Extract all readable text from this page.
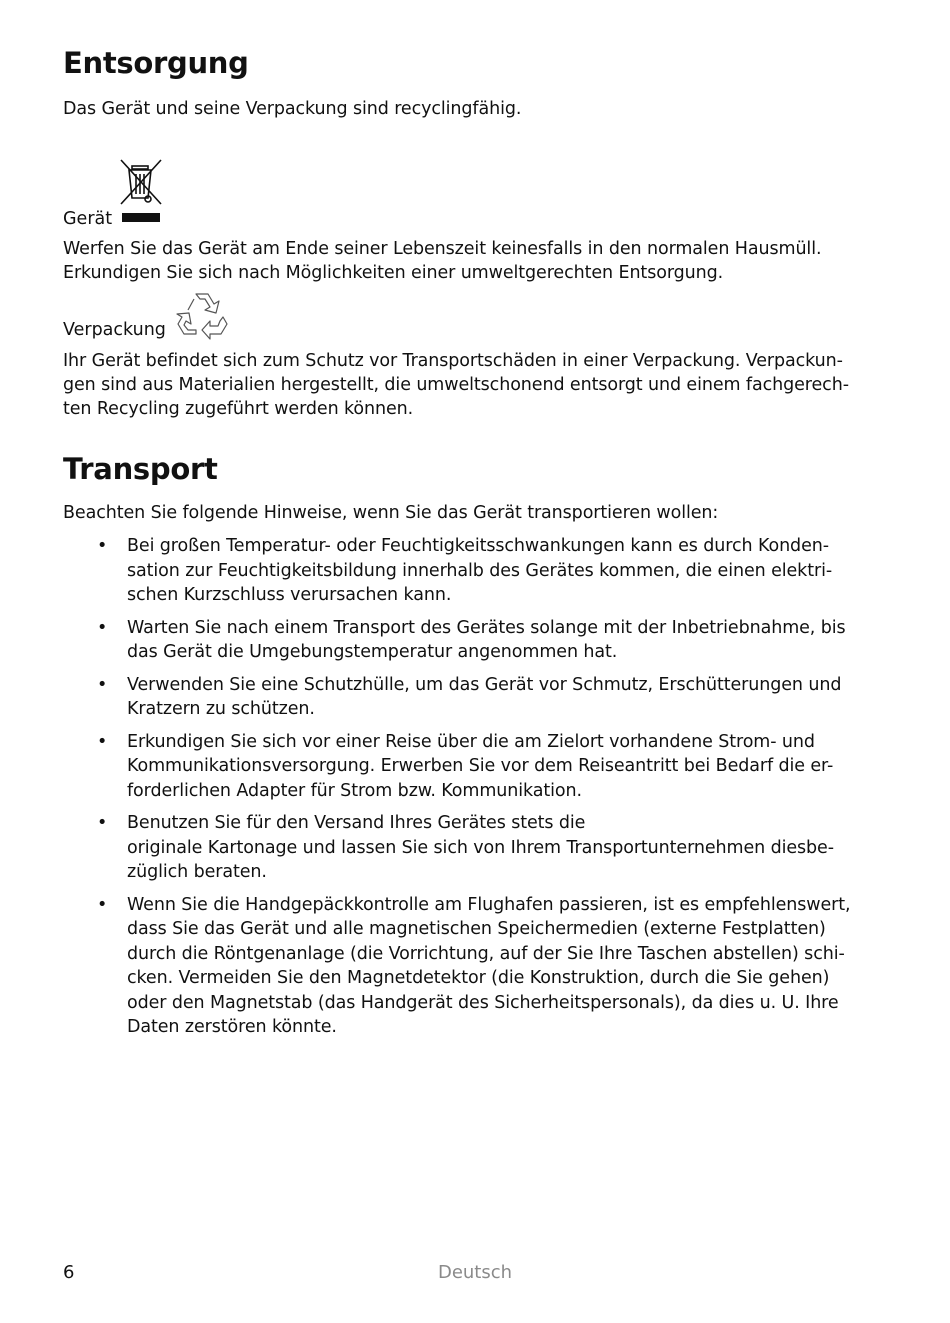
Entsorgung

Das Gerät und seine Verpackung sind recyclingfähig.

Gerät

Werfen Sie das Gerät am Ende seiner Lebenszeit keinesfalls in den normalen Hausmüll.

Erkundigen Sie sich nach Möglichkeiten einer umweltgerechten Entsorgung.

Verpackung

Ihr Gerät befindet sich zum Schutz vor Transportschäden in einer Verpackung. Verpackun-

gen sind aus Materialien hergestellt, die umweltschonend entsorgt und einem fachgerech-

ten Recycling zugeführt werden können.

Transport

Beachten Sie folgende Hinweise, wenn Sie das Gerät transportieren wollen:

• Bei großen Temperatur- oder Feuchtigkeitsschwankungen kann es durch Konden-
sation zur Feuchtigkeitsbildung innerhalb des Gerätes kommen, die einen elektri-
schen Kurzschluss verursachen kann.
• Warten Sie nach einem Transport des Gerätes solange mit der Inbetriebnahme, bis
das Gerät die Umgebungstemperatur angenommen hat.
• Verwenden Sie eine Schutzhülle, um das Gerät vor Schmutz, Erschütterungen und
Kratzern zu schützen.
• Erkundigen Sie sich vor einer Reise über die am Zielort vorhandene Strom- und
Kommunikationsversorgung. Erwerben Sie vor dem Reiseantritt bei Bedarf die er-
forderlichen Adapter für Strom bzw. Kommunikation.
• Benutzen Sie für den Versand Ihres Gerätes stets die
originale Kartonage und lassen Sie sich von Ihrem Transportunternehmen diesbe-
züglich beraten.
• Wenn Sie die Handgepäckkontrolle am Flughafen passieren, ist es empfehlenswert,
dass Sie das Gerät und alle magnetischen Speichermedien (externe Festplatten)
durch die Röntgenanlage (die Vorrichtung, auf der Sie Ihre Taschen abstellen) schi-
cken. Vermeiden Sie den Magnetdetektor (die Konstruktion, durch die Sie gehen)
oder den Magnetstab (das Handgerät des Sicherheitspersonals), da dies u. U. Ihre
Daten zerstören könnte.
6	Deutsch
